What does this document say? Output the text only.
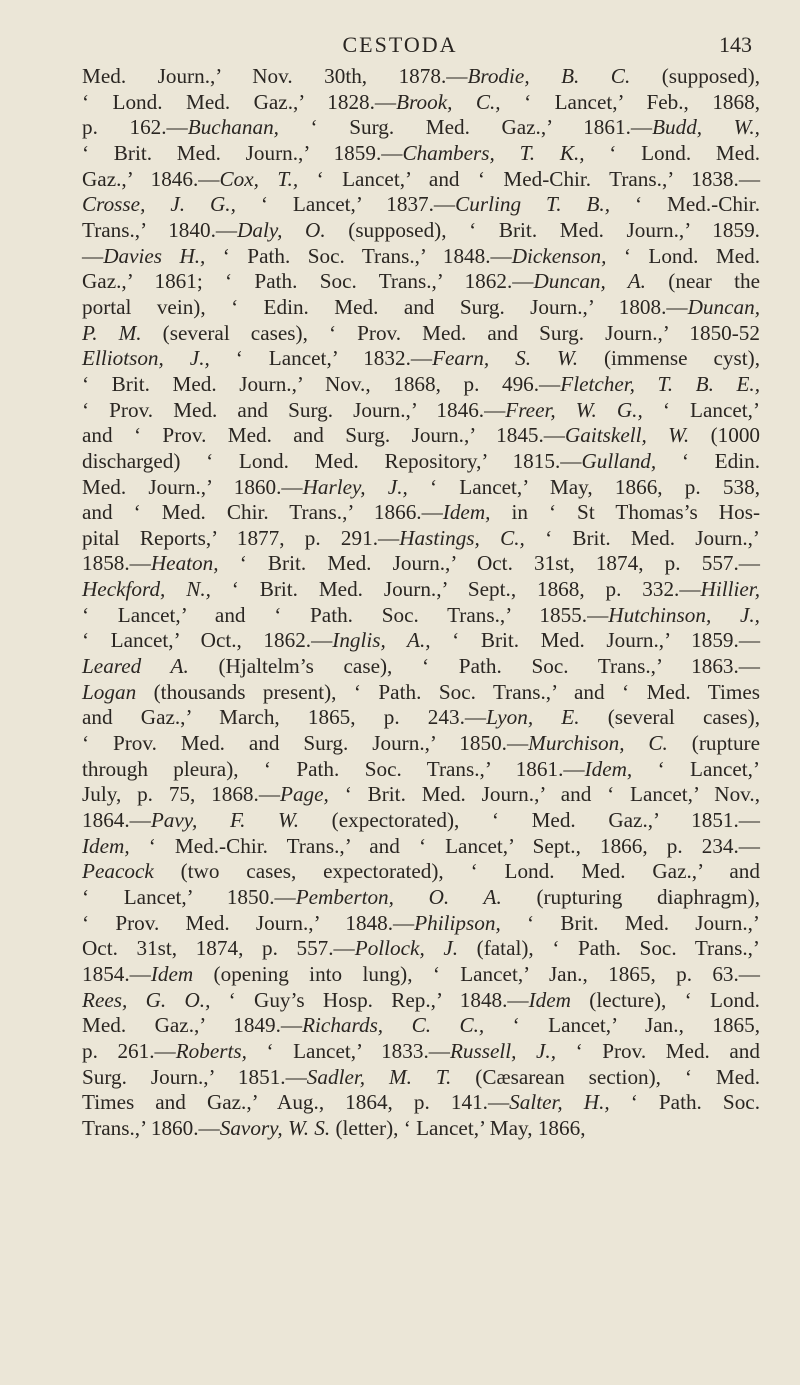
CESTODA	143
Med. Journ.,’ Nov. 30th, 1878.—Brodie, B. C. (supposed),
‘ Lond. Med. Gaz.,’ 1828.—Brook, C., ‘ Lancet,’ Feb., 1868,
p. 162.—Buchanan, ‘ Surg. Med. Gaz.,’ 1861.—Budd, W.,
‘ Brit. Med. Journ.,’ 1859.—Chambers, T. K., ‘ Lond. Med.
Gaz.,’ 1846.—Cox, T., ‘ Lancet,’ and ‘ Med-Chir. Trans.,’ 1838.—
Crosse, J. G., ‘ Lancet,’ 1837.—Curling T. B., ‘ Med.-Chir.
Trans.,’ 1840.—Daly, O. (supposed), ‘ Brit. Med. Journ.,’ 1859.
—Davies H., ‘ Path. Soc. Trans.,’ 1848.—Dickenson, ‘ Lond. Med.
Gaz.,’ 1861; ‘ Path. Soc. Trans.,’ 1862.—Duncan, A. (near the
portal vein), ‘ Edin. Med. and Surg. Journ.,’ 1808.—Duncan,
P. M. (several cases), ‘ Prov. Med. and Surg. Journ.,’ 1850-52
Elliotson, J., ‘ Lancet,’ 1832.—Fearn, S. W. (immense cyst),
‘ Brit. Med. Journ.,’ Nov., 1868, p. 496.—Fletcher, T. B. E.,
‘ Prov. Med. and Surg. Journ.,’ 1846.—Freer, W. G., ‘ Lancet,’
and ‘ Prov. Med. and Surg. Journ.,’ 1845.—Gaitskell, W. (1000
discharged) ‘ Lond. Med. Repository,’ 1815.—Gulland, ‘ Edin.
Med. Journ.,’ 1860.—Harley, J., ‘ Lancet,’ May, 1866, p. 538,
and ‘ Med. Chir. Trans.,’ 1866.—Idem, in ‘ St Thomas’s Hos-
pital Reports,’ 1877, p. 291.—Hastings, C., ‘ Brit. Med. Journ.,’
1858.—Heaton, ‘ Brit. Med. Journ.,’ Oct. 31st, 1874, p. 557.—
Heckford, N., ‘ Brit. Med. Journ.,’ Sept., 1868, p. 332.—Hillier,
‘ Lancet,’ and ‘ Path. Soc. Trans.,’ 1855.—Hutchinson, J.,
‘ Lancet,’ Oct., 1862.—Inglis, A., ‘ Brit. Med. Journ.,’ 1859.—
Leared A. (Hjaltelm’s case), ‘ Path. Soc. Trans.,’ 1863.—
Logan (thousands present), ‘ Path. Soc. Trans.,’ and ‘ Med. Times
and Gaz.,’ March, 1865, p. 243.—Lyon, E. (several cases),
‘ Prov. Med. and Surg. Journ.,’ 1850.—Murchison, C. (rupture
through pleura), ‘ Path. Soc. Trans.,’ 1861.—Idem, ‘ Lancet,’
July, p. 75, 1868.—Page, ‘ Brit. Med. Journ.,’ and ‘ Lancet,’ Nov.,
1864.—Pavy, F. W. (expectorated), ‘ Med. Gaz.,’ 1851.—
Idem, ‘ Med.-Chir. Trans.,’ and ‘ Lancet,’ Sept., 1866, p. 234.—
Peacock (two cases, expectorated), ‘ Lond. Med. Gaz.,’ and
‘ Lancet,’ 1850.—Pemberton, O. A. (rupturing diaphragm),
‘ Prov. Med. Journ.,’ 1848.—Philipson, ‘ Brit. Med. Journ.,’
Oct. 31st, 1874, p. 557.—Pollock, J. (fatal), ‘ Path. Soc. Trans.,’
1854.—Idem (opening into lung), ‘ Lancet,’ Jan., 1865, p. 63.—
Rees, G. O., ‘ Guy’s Hosp. Rep.,’ 1848.—Idem (lecture), ‘ Lond.
Med. Gaz.,’ 1849.—Richards, C. C., ‘ Lancet,’ Jan., 1865,
p. 261.—Roberts, ‘ Lancet,’ 1833.—Russell, J., ‘ Prov. Med. and
Surg. Journ.,’ 1851.—Sadler, M. T. (Cæsarean section), ‘ Med.
Times and Gaz.,’ Aug., 1864, p. 141.—Salter, H., ‘ Path. Soc.
Trans.,’ 1860.—Savory, W. S. (letter), ‘ Lancet,’ May, 1866,
